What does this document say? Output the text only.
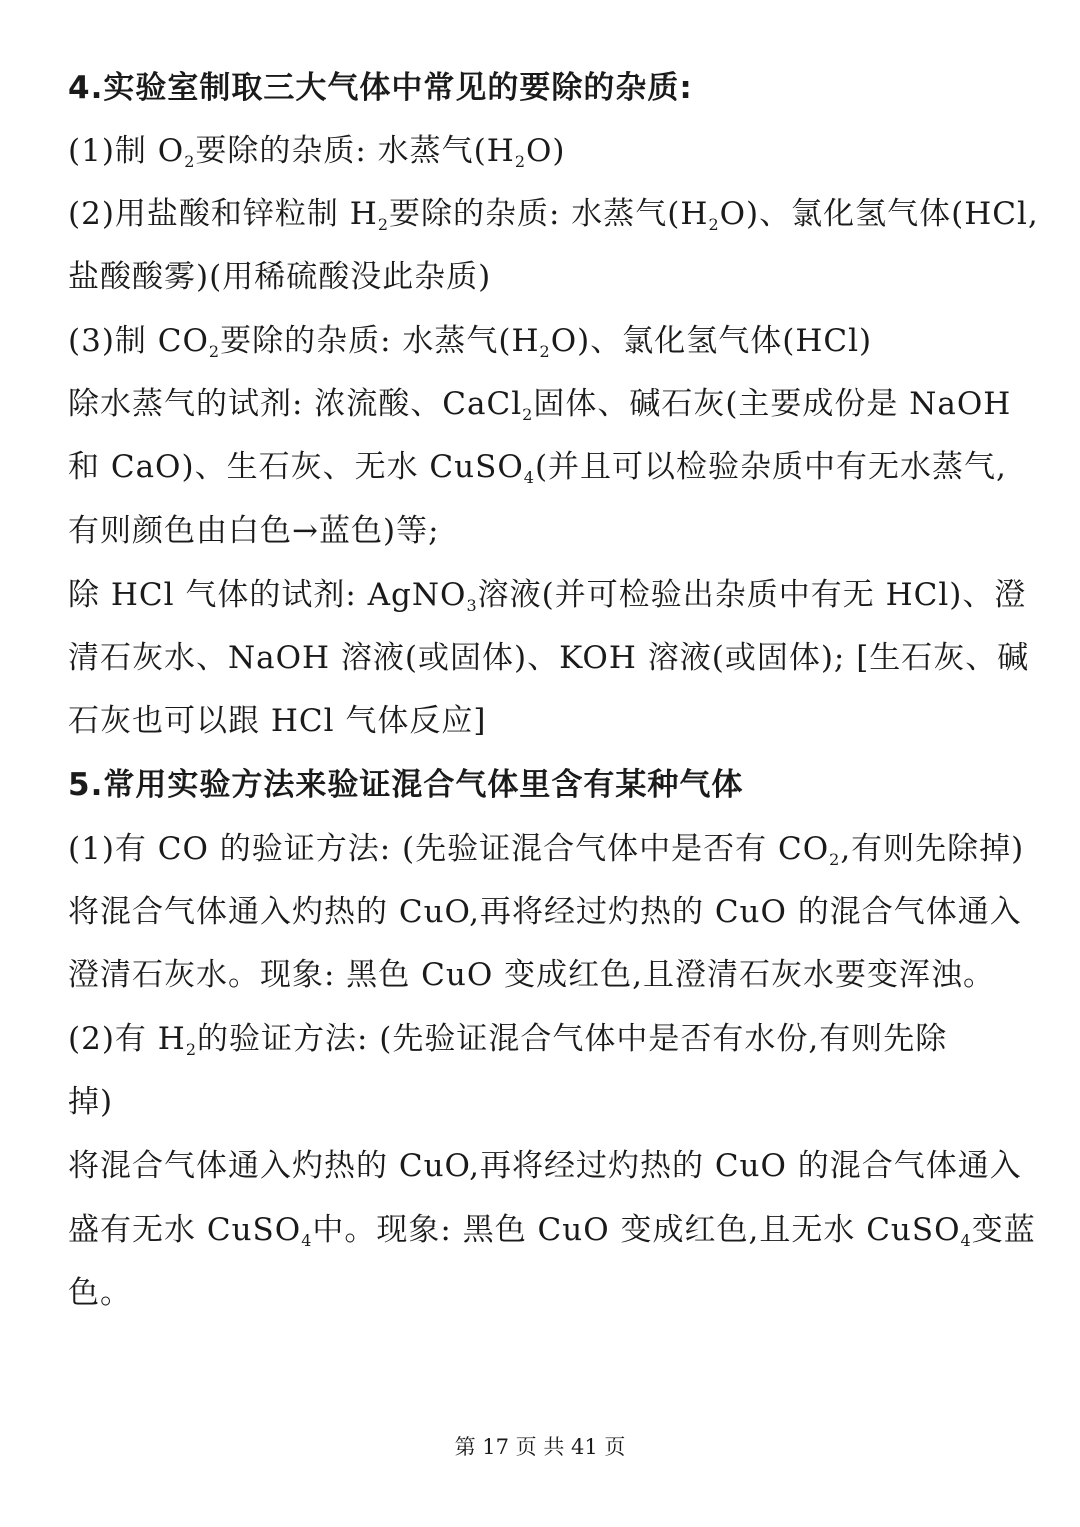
4.实验室制取三大气体中常见的要除的杂质:
(1)制 $O_2$要除的杂质: 水蒸气$(H_2O)$
(2)用盐酸和锌粒制 $H_2$要除的杂质: 水蒸气$(H_2O)$、氯化氢气体(HCl,
盐酸酸雾)(用稀硫酸没此杂质)
(3)制 $CO_2$要除的杂质: 水蒸气$(H_2O)$、氯化氢气体(HCl)
除水蒸气的试剂: 浓流酸、CaCl$_2$固体、碱石灰(主要成份是 NaOH
和 CaO)、生石灰、无水 CuSO$_4$(并且可以检验杂质中有无水蒸气,
有则颜色由白色→蓝色)等;
除 HCl 气体的试剂: AgNO$_3$溶液(并可检验出杂质中有无 HCl)、澄
清石灰水、NaOH 溶液(或固体)、KOH 溶液(或固体); [生石灰、碱
石灰也可以跟 HCl 气体反应]
5.常用实验方法来验证混合气体里含有某种气体
(1)有 CO 的验证方法: (先验证混合气体中是否有 $CO_2$,有则先除掉)
将混合气体通入灼热的 CuO,再将经过灼热的 CuO 的混合气体通入
澄清石灰水。现象: 黑色 CuO 变成红色,且澄清石灰水要变浑浊。
(2)有 $H_2$的验证方法: (先验证混合气体中是否有水份,有则先除
掉)
将混合气体通入灼热的 CuO,再将经过灼热的 CuO 的混合气体通入
盛有无水 CuSO$_4$中。现象: 黑色 CuO 变成红色,且无水 CuSO$_4$变蓝
色。
第 17 页 共 41 页
